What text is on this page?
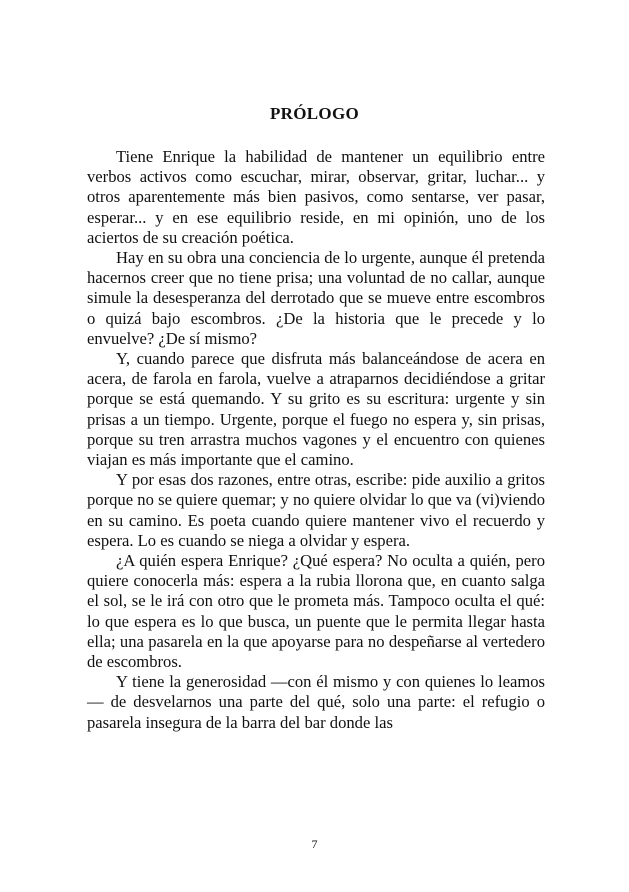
PRÓLOGO

Tiene Enrique la habilidad de mantener un equilibrio entre verbos activos como escuchar, mirar, observar, gritar, luchar... y otros aparentemente más bien pasivos, como sentarse, ver pasar, esperar... y en ese equilibrio reside, en mi opinión, uno de los aciertos de su creación poética.

Hay en su obra una conciencia de lo urgente, aunque él pretenda hacernos creer que no tiene prisa; una voluntad de no callar, aunque simule la desesperanza del derrotado que se mueve entre escombros o quizá bajo escombros. ¿De la historia que le precede y lo envuelve? ¿De sí mismo?

Y, cuando parece que disfruta más balanceándose de acera en acera, de farola en farola, vuelve a atraparnos decidiéndose a gritar porque se está quemando. Y su grito es su escritura: urgente y sin prisas a un tiempo. Urgente, porque el fuego no espera y, sin prisas, porque su tren arrastra muchos vagones y el encuentro con quienes viajan es más importante que el camino.

Y por esas dos razones, entre otras, escribe: pide auxilio a gritos porque no se quiere quemar; y no quiere olvidar lo que va (vi)viendo en su camino. Es poeta cuando quiere mantener vivo el recuerdo y espera. Lo es cuando se niega a olvidar y espera.

¿A quién espera Enrique? ¿Qué espera? No oculta a quién, pero quiere conocerla más: espera a la rubia llorona que, en cuanto salga el sol, se le irá con otro que le prometa más. Tampoco oculta el qué: lo que espera es lo que busca, un puente que le permita llegar hasta ella; una pasarela en la que apoyarse para no despeñarse al vertedero de escombros.

Y tiene la generosidad —con él mismo y con quienes lo leamos— de desvelarnos una parte del qué, solo una parte: el refugio o pasarela insegura de la barra del bar donde las

7
